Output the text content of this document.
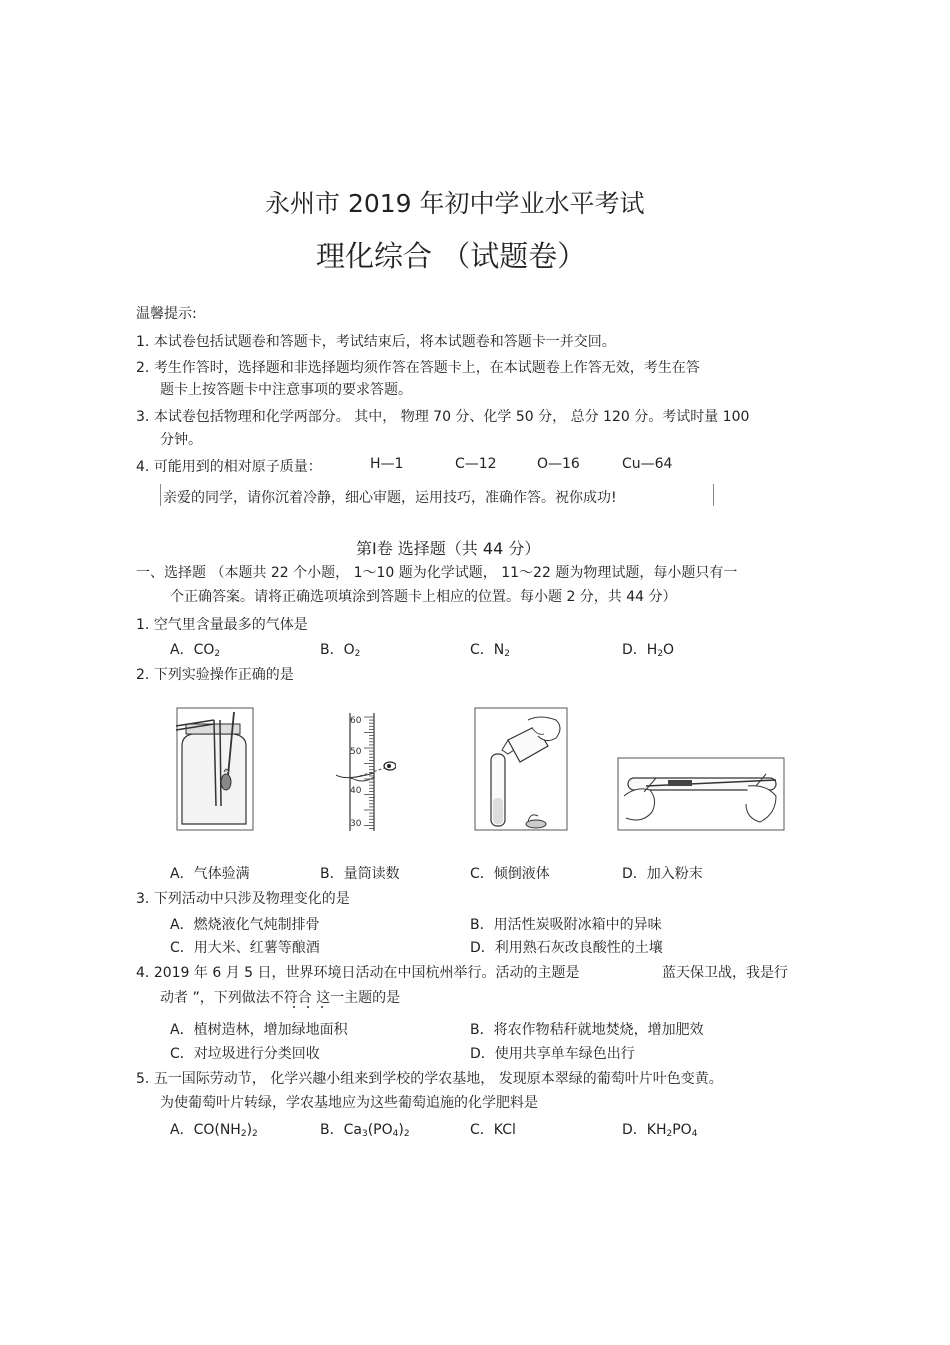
永州市 2019 年初中学业水平考试
理化综合 （试题卷）
温馨提示:
1. 本试卷包括试题卷和答题卡，考试结束后，将本试题卷和答题卡一并交回。
2. 考生作答时，选择题和非选择题均须作答在答题卡上，在本试题卷上作答无效，考生在答
题卡上按答题卡中注意事项的要求答题。
3. 本试卷包括物理和化学两部分。 其中， 物理 70 分、化学 50 分， 总分 120 分。考试时量 100
分钟。
4. 可能用到的相对原子质量：	H—1	C—12	O—16	Cu—64
亲爱的同学，请你沉着冷静，细心审题，运用技巧，准确作答。祝你成功!
第Ⅰ卷 选择题（共 44 分）
一、选择题 （本题共 22 个小题， 1～10 题为化学试题， 11～22 题为物理试题，每小题只有一
个正确答案。请将正确选项填涂到答题卡上相应的位置。每小题 2 分，共 44 分）
1. 空气里含量最多的气体是
A．$CO_2$	B．$O_2$	C．$N_2$	D．$H_2O$
2. 下列实验操作正确的是
60
50
40
30
A．气体验满	B．量筒读数	C．倾倒液体	D．加入粉末
3. 下列活动中只涉及物理变化的是
A．燃烧液化气炖制排骨	B．用活性炭吸附冰箱中的异味
C．用大米、红薯等酿酒	D．利用熟石灰改良酸性的土壤
4. 2019 年 6 月 5 日，世界环境日活动在中国杭州举行。活动的主题是	蓝天保卫战，我是行
动者 ”，下列做法不符合 这一主题的是
A．植树造林，增加绿地面积	B．将农作物秸秆就地焚烧，增加肥效
C．对垃圾进行分类回收	D．使用共享单车绿色出行
5. 五一国际劳动节， 化学兴趣小组来到学校的学农基地， 发现原本翠绿的葡萄叶片叶色变黄。
为使葡萄叶片转绿，学农基地应为这些葡萄追施的化学肥料是
A．$CO(NH_2)_2$	B．$Ca_3(PO_4)_2$	C．KCl	D．$KH_2PO_4$
